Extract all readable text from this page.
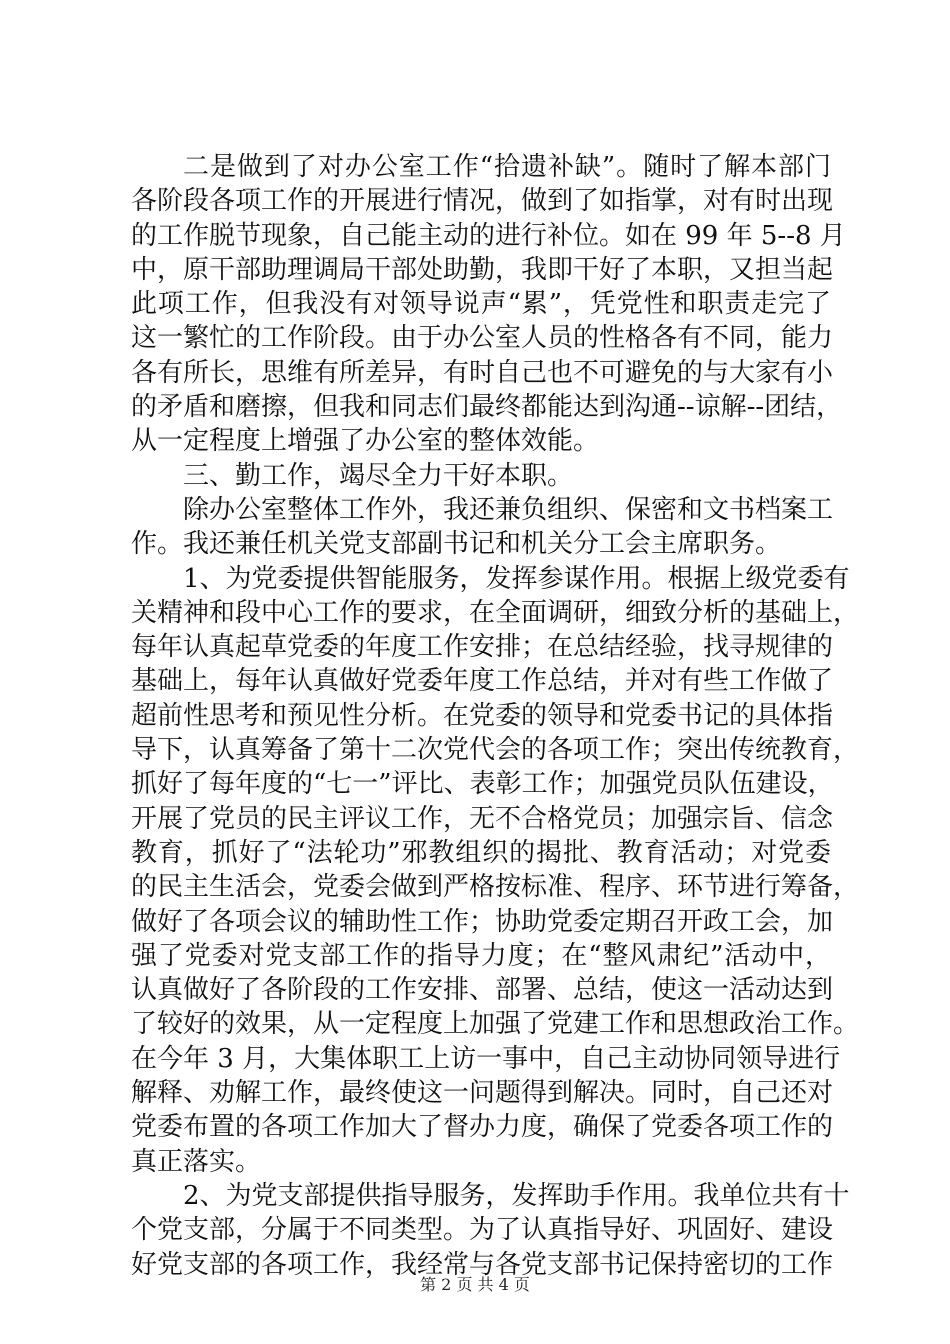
二是做到了对办公室工作“拾遗补缺”。随时了解本部门
各阶段各项工作的开展进行情况，做到了如指掌，对有时出现
的工作脱节现象，自己能主动的进行补位。如在 99 年 5--8 月
中，原干部助理调局干部处助勤，我即干好了本职，又担当起
此项工作，但我没有对领导说声“累”，凭党性和职责走完了
这一繁忙的工作阶段。由于办公室人员的性格各有不同，能力
各有所长，思维有所差异，有时自己也不可避免的与大家有小
的矛盾和磨擦，但我和同志们最终都能达到沟通--谅解--团结，
从一定程度上增强了办公室的整体效能。
三、勤工作，竭尽全力干好本职。
除办公室整体工作外，我还兼负组织、保密和文书档案工
作。我还兼任机关党支部副书记和机关分工会主席职务。
1、为党委提供智能服务，发挥参谋作用。根据上级党委有
关精神和段中心工作的要求，在全面调研，细致分析的基础上，
每年认真起草党委的年度工作安排；在总结经验，找寻规律的
基础上，每年认真做好党委年度工作总结，并对有些工作做了
超前性思考和预见性分析。在党委的领导和党委书记的具体指
导下，认真筹备了第十二次党代会的各项工作；突出传统教育，
抓好了每年度的“七一”评比、表彰工作；加强党员队伍建设，
开展了党员的民主评议工作，无不合格党员；加强宗旨、信念
教育，抓好了“法轮功”邪教组织的揭批、教育活动；对党委
的民主生活会，党委会做到严格按标准、程序、环节进行筹备，
做好了各项会议的辅助性工作；协助党委定期召开政工会，加
强了党委对党支部工作的指导力度；在“整风肃纪”活动中，
认真做好了各阶段的工作安排、部署、总结，使这一活动达到
了较好的效果，从一定程度上加强了党建工作和思想政治工作。
在今年 3 月，大集体职工上访一事中，自己主动协同领导进行
解释、劝解工作，最终使这一问题得到解决。同时，自己还对
党委布置的各项工作加大了督办力度，确保了党委各项工作的
真正落实。
2、为党支部提供指导服务，发挥助手作用。我单位共有十
个党支部，分属于不同类型。为了认真指导好、巩固好、建设
好党支部的各项工作，我经常与各党支部书记保持密切的工作
第 2 页 共 4 页
